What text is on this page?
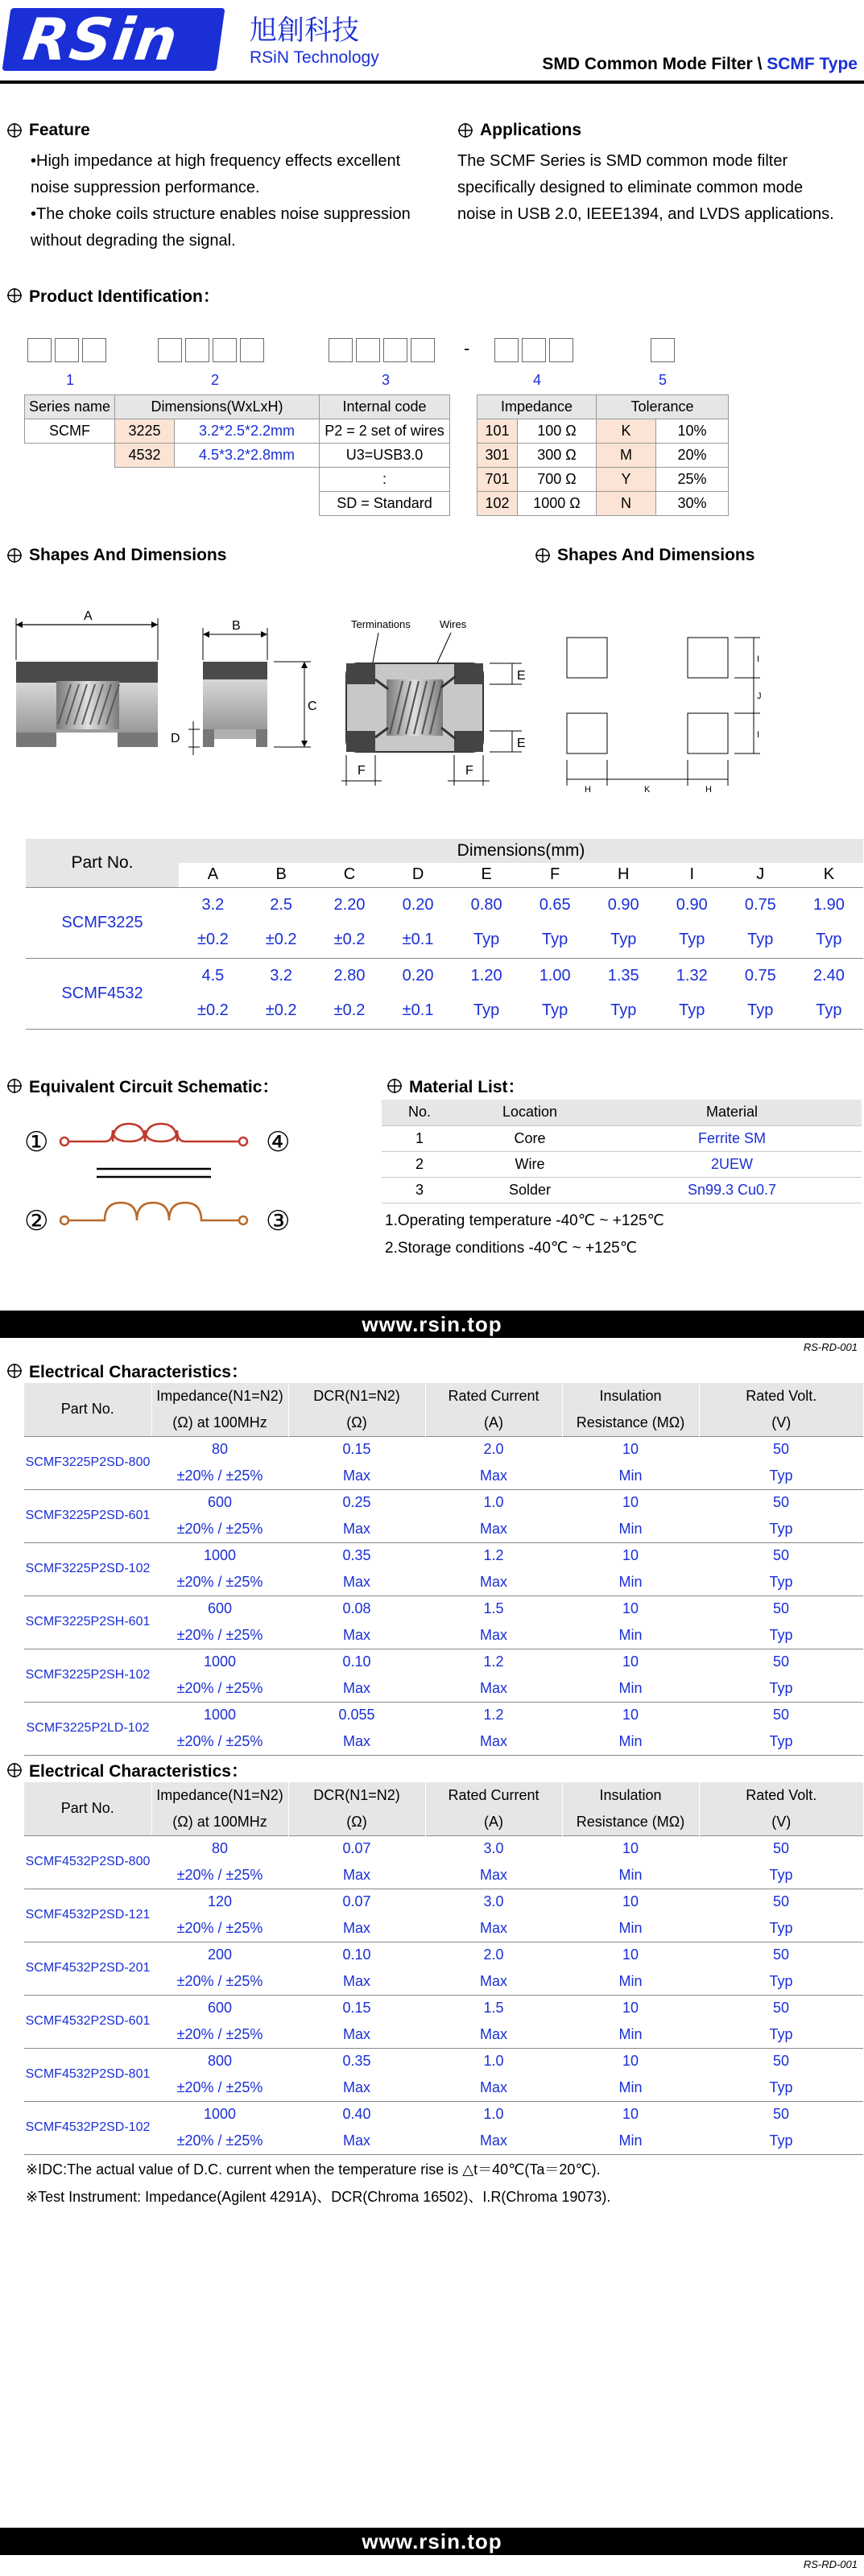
RSin 旭創科技
RSiN Technology	SMD Common Mode Filter \ SCMF Type
Feature
•High impedance at high frequency effects excellent
noise suppression performance.
•The choke coils structure enables noise suppression
without degrading the signal.
Applications
The SCMF Series is SMD common mode filter
specifically designed to eliminate common mode
noise in USB 2.0, IEEE1394, and LVDS applications.
Product Identification：
-
1	2	3	4	5
Series name	Dimensions(WxLxH)		Internal code
SCMF	3225	3.2*2.5*2.2mm	P2 = 2 set of wires
	4532	4.5*3.2*2.8mm	U3=USB3.0
			:
			SD = Standard
Impedance		Tolerance	
101	100 Ω	K	10%
301	300 Ω	M	20%
701	700 Ω	Y	25%
102	1000 Ω	N	30%
Shapes And Dimensions	Shapes And Dimensions
A
B
C
D
Terminations	Wires
E
E
F	F
I
J
I
H	K	H
Part No.	Dimensions(mm)									
	A	B	C	D	E	F	H	I	J	K
SCMF3225	3.2	2.5	2.20	0.20	0.80	0.65	0.90	0.90	0.75	1.90
	±0.2	±0.2	±0.2	±0.1	Typ	Typ	Typ	Typ	Typ	Typ
SCMF4532	4.5	3.2	2.80	0.20	1.20	1.00	1.35	1.32	0.75	2.40
	±0.2	±0.2	±0.2	±0.1	Typ	Typ	Typ	Typ	Typ	Typ
Equivalent Circuit Schematic：
①	④
②	③
Material List：
No.	Location	Material
1	Core	Ferrite SM
2	Wire	2UEW
3	Solder	Sn99.3 Cu0.7
1.Operating temperature -40℃ ~ +125℃
2.Storage conditions -40℃ ~ +125℃
www.rsin.top
RS-RD-001
Electrical Characteristics：
Part No.	Impedance(N1=N2)	DCR(N1=N2)	Rated Current	Insulation	Rated Volt.
	(Ω) at 100MHz	(Ω)	(A)	Resistance (MΩ)	(V)
SCMF3225P2SD-800	80	0.15	2.0	10	50
	±20% / ±25%	Max	Max	Min	Typ
SCMF3225P2SD-601	600	0.25	1.0	10	50
	±20% / ±25%	Max	Max	Min	Typ
SCMF3225P2SD-102	1000	0.35	1.2	10	50
	±20% / ±25%	Max	Max	Min	Typ
SCMF3225P2SH-601	600	0.08	1.5	10	50
	±20% / ±25%	Max	Max	Min	Typ
SCMF3225P2SH-102	1000	0.10	1.2	10	50
	±20% / ±25%	Max	Max	Min	Typ
SCMF3225P2LD-102	1000	0.055	1.2	10	50
	±20% / ±25%	Max	Max	Min	Typ
Electrical Characteristics：
Part No.	Impedance(N1=N2)	DCR(N1=N2)	Rated Current	Insulation	Rated Volt.
	(Ω) at 100MHz	(Ω)	(A)	Resistance (MΩ)	(V)
SCMF4532P2SD-800	80	0.07	3.0	10	50
	±20% / ±25%	Max	Max	Min	Typ
SCMF4532P2SD-121	120	0.07	3.0	10	50
	±20% / ±25%	Max	Max	Min	Typ
SCMF4532P2SD-201	200	0.10	2.0	10	50
	±20% / ±25%	Max	Max	Min	Typ
SCMF4532P2SD-601	600	0.15	1.5	10	50
	±20% / ±25%	Max	Max	Min	Typ
SCMF4532P2SD-801	800	0.35	1.0	10	50
	±20% / ±25%	Max	Max	Min	Typ
SCMF4532P2SD-102	1000	0.40	1.0	10	50
	±20% / ±25%	Max	Max	Min	Typ
※IDC:The actual value of D.C. current when the temperature rise is △t＝40℃(Ta＝20℃).
※Test Instrument: Impedance(Agilent 4291A)、DCR(Chroma 16502)、I.R(Chroma 19073).
www.rsin.top
RS-RD-001
